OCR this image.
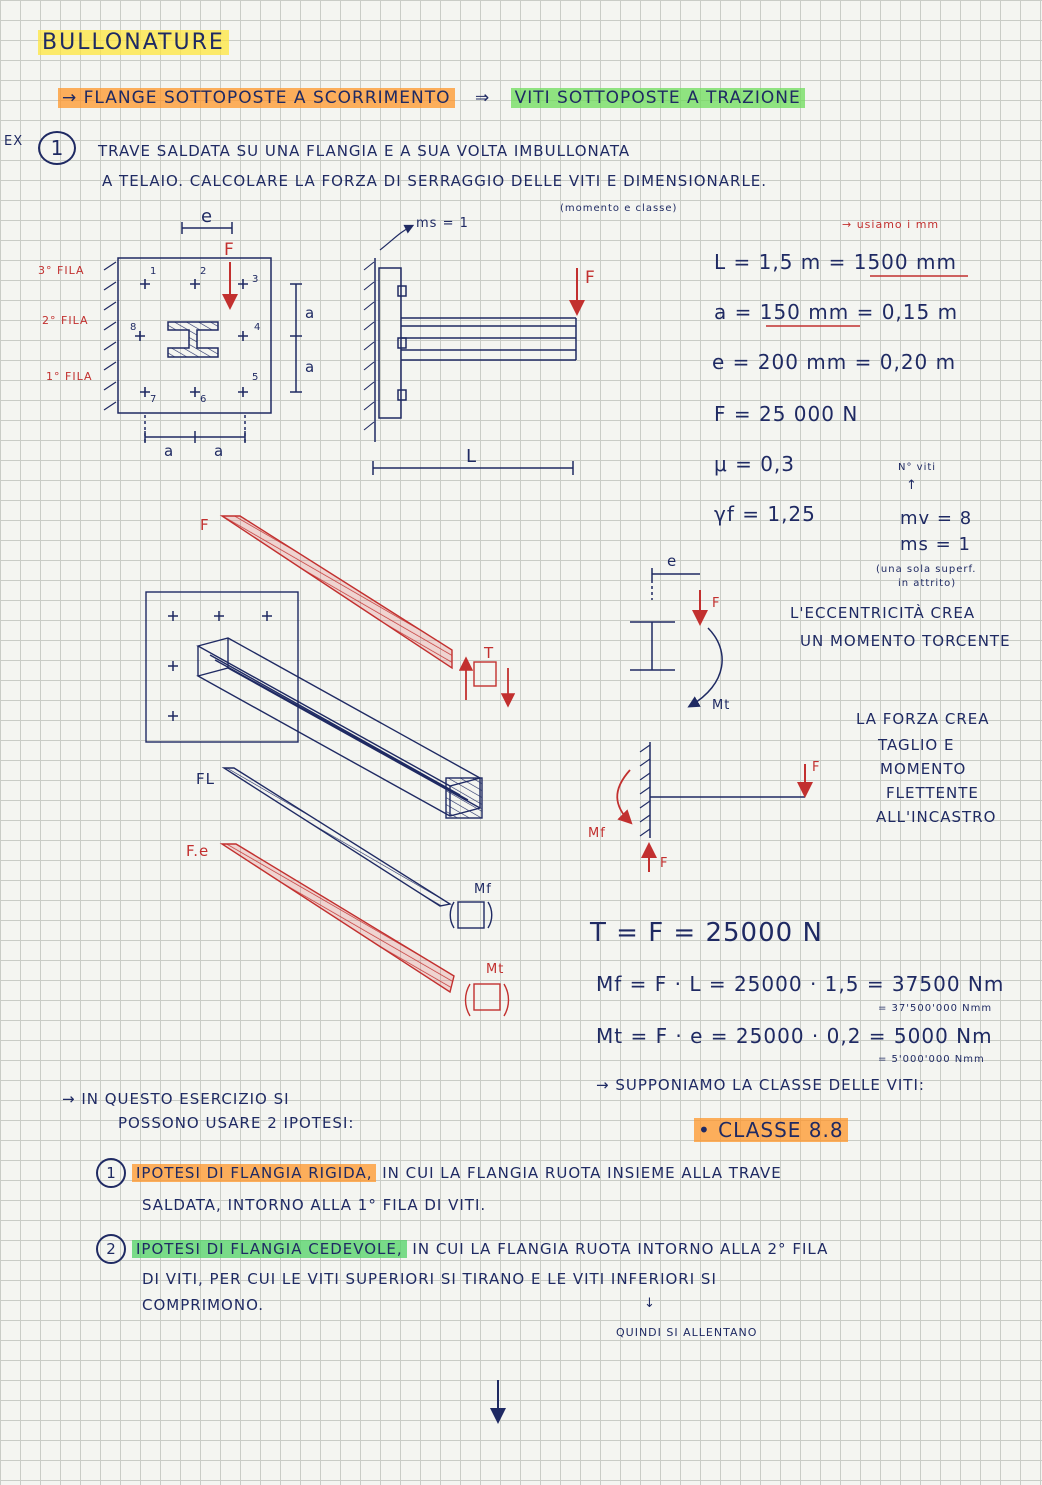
BULLONATURE
→ FLANGE SOTTOPOSTE A SCORRIMENTO ⇒ VITI SOTTOPOSTE A TRAZIONE
EX	1	TRAVE SALDATA SU UNA FLANGIA E A SUA VOLTA IMBULLONATA
A TELAIO. CALCOLARE LA FORZA DI SERRAGGIO DELLE VITI E DIMENSIONARLE.
(momento e classe)
e
F
3° FILA
2° FILA
1° FILA
1	2
3
4
5
6
7
8
a
a
a	a
ms = 1
F
L
→ usiamo i mm
L = 1,5 m = 1500 mm
a = 150 mm = 0,15 m
e = 200 mm = 0,20 m
F = 25 000 N
μ = 0,3
γf = 1,25
N° viti
↑
mv = 8
ms = 1
(una sola superf.
in attrito)
F
FL
F.e
T
Mf
Mt
e
F
Mt
L'ECCENTRICITÀ CREA
UN MOMENTO TORCENTE
LA FORZA CREA
TAGLIO E
MOMENTO
FLETTENTE
ALL'INCASTRO
F
F
Mf
T = F = 25000 N
Mf = F · L = 25000 · 1,5 = 37500 Nm
= 37'500'000 Nmm
Mt = F · e = 25000 · 0,2 = 5000 Nm
= 5'000'000 Nmm
→ SUPPONIAMO LA CLASSE DELLE VITI:
• CLASSE 8.8
→ IN QUESTO ESERCIZIO SI
POSSONO USARE 2 IPOTESI:
1	IPOTESI DI FLANGIA RIGIDA, IN CUI LA FLANGIA RUOTA INSIEME ALLA TRAVE
SALDATA, INTORNO ALLA 1° FILA DI VITI.
2	IPOTESI DI FLANGIA CEDEVOLE, IN CUI LA FLANGIA RUOTA INTORNO ALLA 2° FILA
DI VITI, PER CUI LE VITI SUPERIORI SI TIRANO E LE VITI INFERIORI SI
COMPRIMONO.	↓
QUINDI SI ALLENTANO
